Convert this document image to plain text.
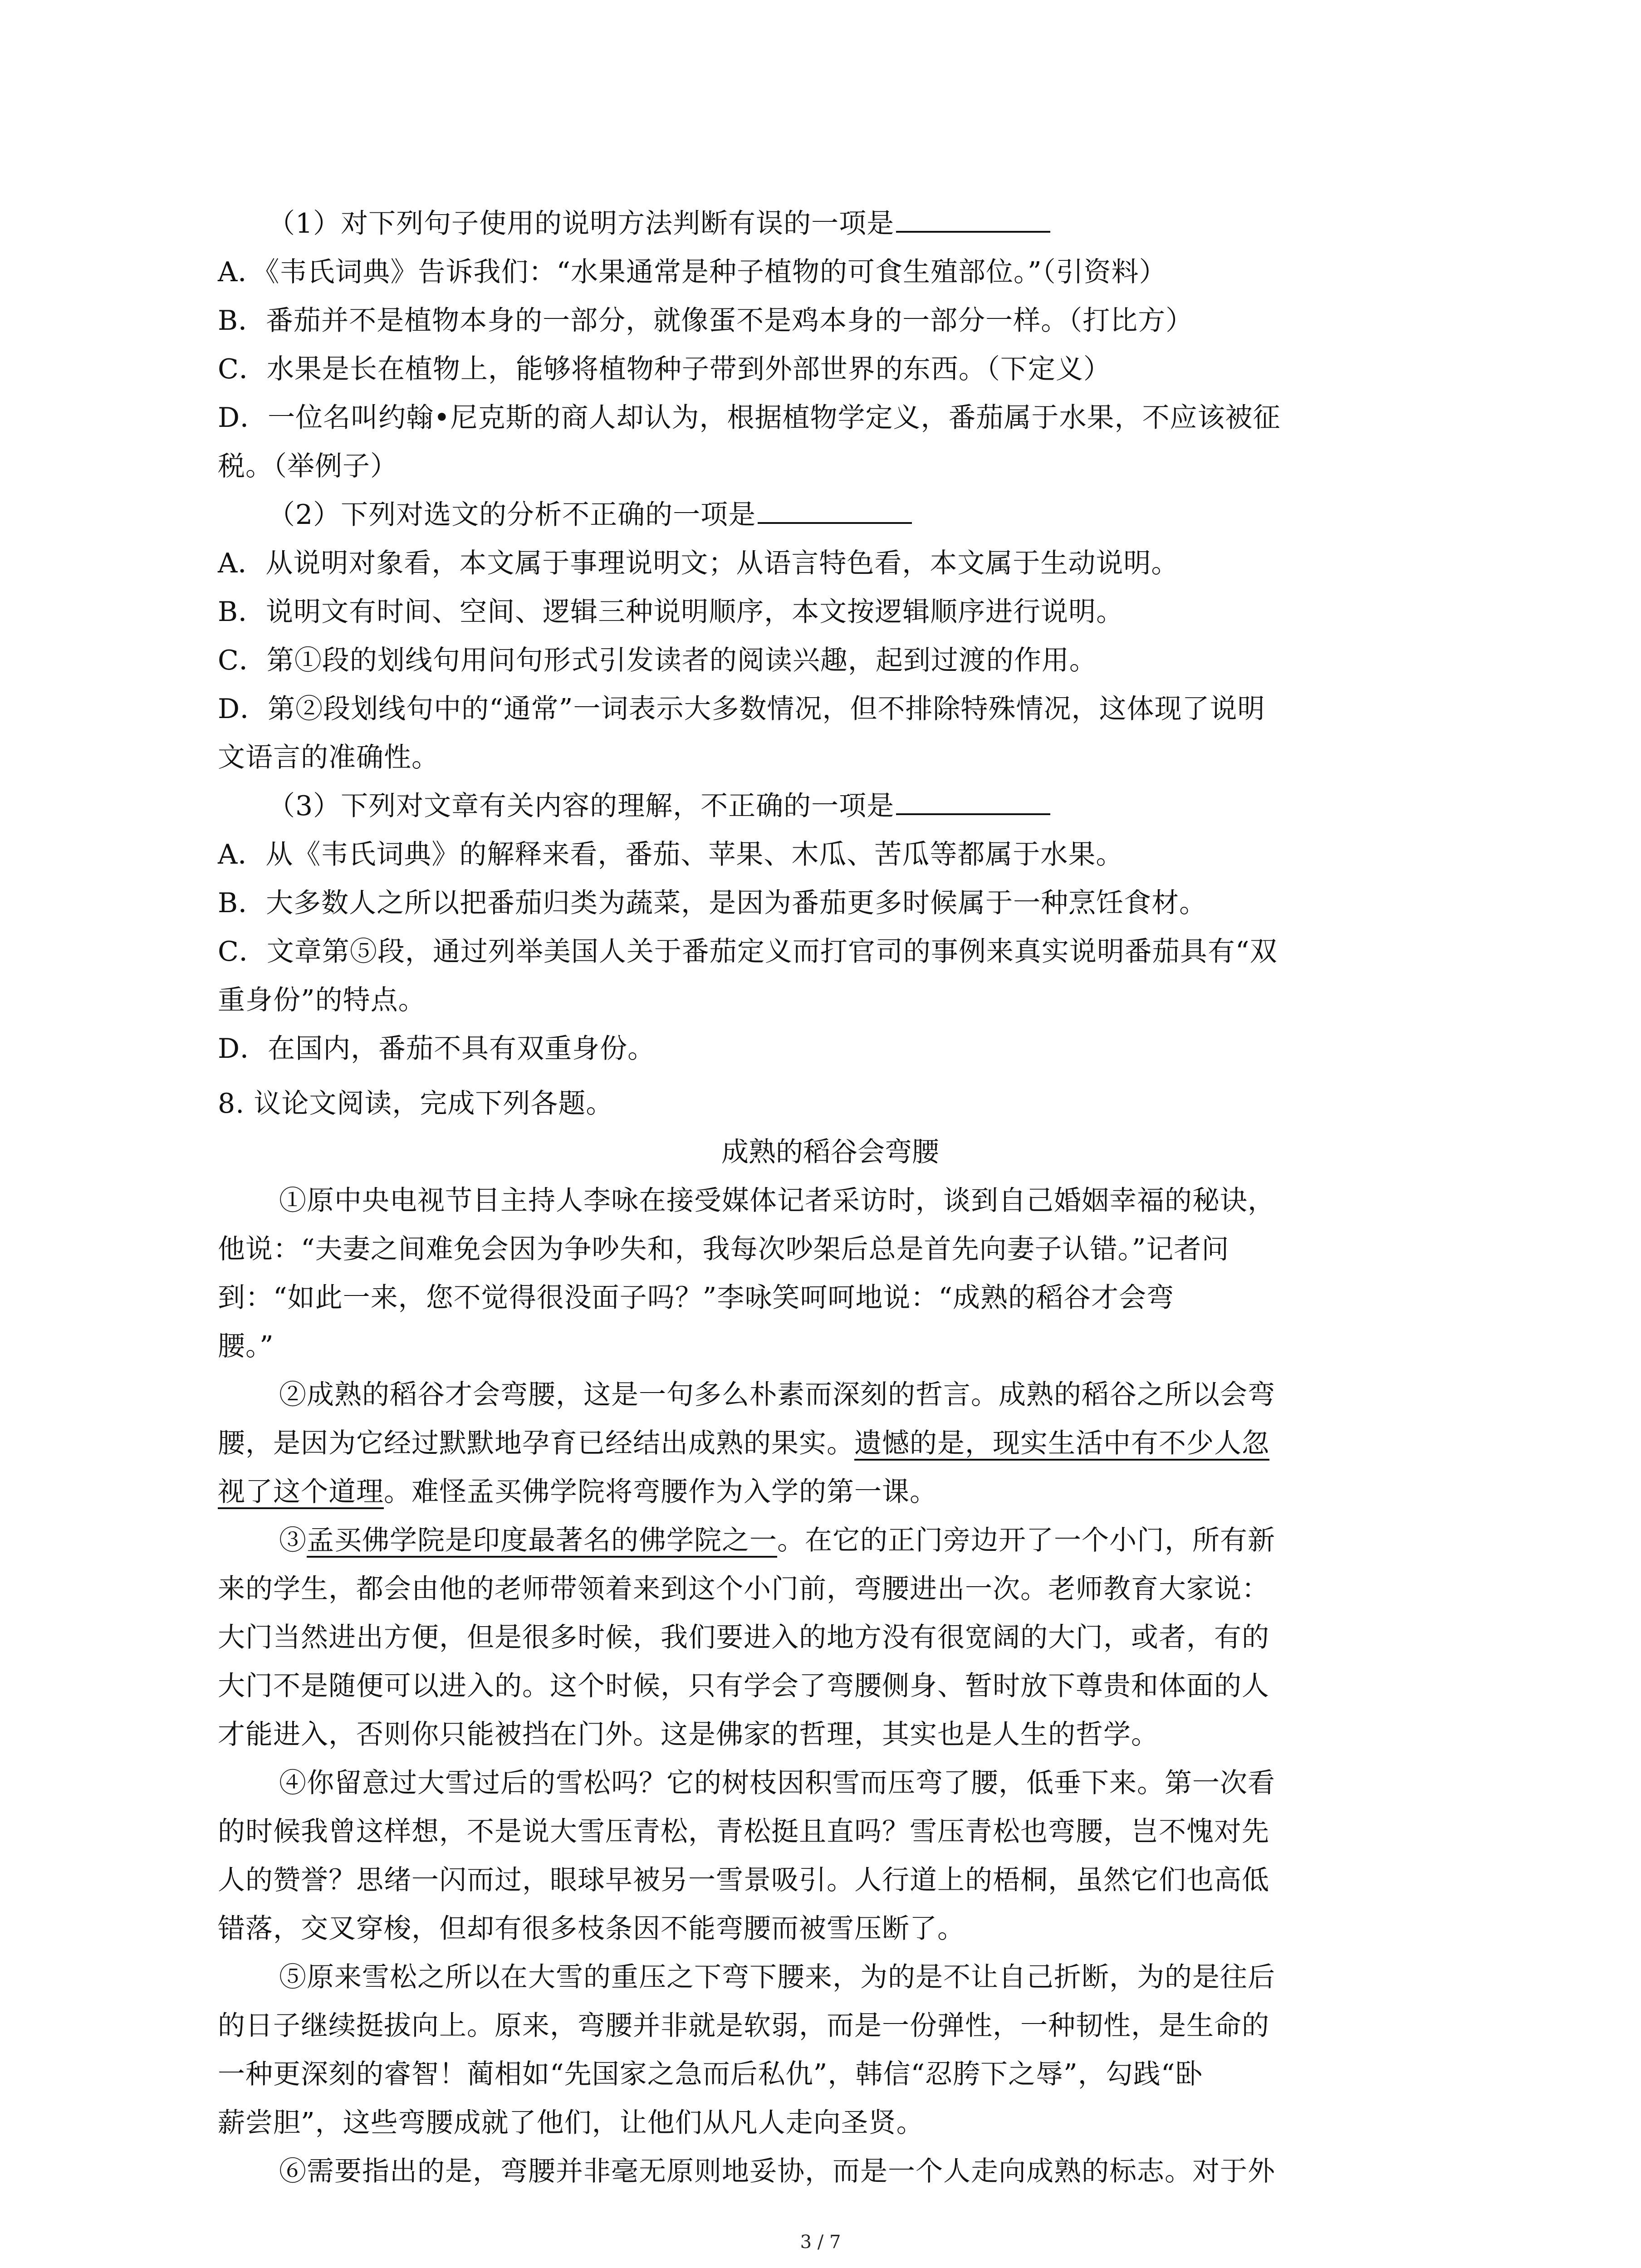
（1）对下列句子使用的说明方法判断有误的一项是
A．《韦氏词典》告诉我们：“水果通常是种子植物的可食生殖部位。”（引资料）
B．番茄并不是植物本身的一部分，就像蛋不是鸡本身的一部分一样。（打比方）
C．水果是长在植物上，能够将植物种子带到外部世界的东西。（下定义）
D．一位名叫约翰•尼克斯的商人却认为，根据植物学定义，番茄属于水果，不应该被征
税。（举例子）
（2）下列对选文的分析不正确的一项是
A．从说明对象看，本文属于事理说明文；从语言特色看，本文属于生动说明。
B．说明文有时间、空间、逻辑三种说明顺序，本文按逻辑顺序进行说明。
C．第①段的划线句用问句形式引发读者的阅读兴趣，起到过渡的作用。
D．第②段划线句中的“通常”一词表示大多数情况，但不排除特殊情况，这体现了说明
文语言的准确性。
（3）下列对文章有关内容的理解，不正确的一项是
A．从《韦氏词典》的解释来看，番茄、苹果、木瓜、苦瓜等都属于水果。
B．大多数人之所以把番茄归类为蔬菜，是因为番茄更多时候属于一种烹饪食材。
C．文章第⑤段，通过列举美国人关于番茄定义而打官司的事例来真实说明番茄具有“双
重身份”的特点。
D．在国内，番茄不具有双重身份。
8. 议论文阅读，完成下列各题。
成熟的稻谷会弯腰
①原中央电视节目主持人李咏在接受媒体记者采访时，谈到自己婚姻幸福的秘诀，
他说：“夫妻之间难免会因为争吵失和，我每次吵架后总是首先向妻子认错。”记者问
到：“如此一来，您不觉得很没面子吗？”李咏笑呵呵地说：“成熟的稻谷才会弯
腰。”
②成熟的稻谷才会弯腰，这是一句多么朴素而深刻的哲言。成熟的稻谷之所以会弯
腰，是因为它经过默默地孕育已经结出成熟的果实。遗憾的是，现实生活中有不少人忽
视了这个道理。难怪孟买佛学院将弯腰作为入学的第一课。
③孟买佛学院是印度最著名的佛学院之一。在它的正门旁边开了一个小门，所有新
来的学生，都会由他的老师带领着来到这个小门前，弯腰进出一次。老师教育大家说：
大门当然进出方便，但是很多时候，我们要进入的地方没有很宽阔的大门，或者，有的
大门不是随便可以进入的。这个时候，只有学会了弯腰侧身、暂时放下尊贵和体面的人
才能进入，否则你只能被挡在门外。这是佛家的哲理，其实也是人生的哲学。
④你留意过大雪过后的雪松吗？它的树枝因积雪而压弯了腰，低垂下来。第一次看
的时候我曾这样想，不是说大雪压青松，青松挺且直吗？雪压青松也弯腰，岂不愧对先
人的赞誉？思绪一闪而过，眼球早被另一雪景吸引。人行道上的梧桐，虽然它们也高低
错落，交叉穿梭，但却有很多枝条因不能弯腰而被雪压断了。
⑤原来雪松之所以在大雪的重压之下弯下腰来，为的是不让自己折断，为的是往后
的日子继续挺拔向上。原来，弯腰并非就是软弱，而是一份弹性，一种韧性，是生命的
一种更深刻的睿智！蔺相如“先国家之急而后私仇”，韩信“忍胯下之辱”，勾践“卧
薪尝胆”，这些弯腰成就了他们，让他们从凡人走向圣贤。
⑥需要指出的是，弯腰并非毫无原则地妥协，而是一个人走向成熟的标志。对于外
3 / 7
